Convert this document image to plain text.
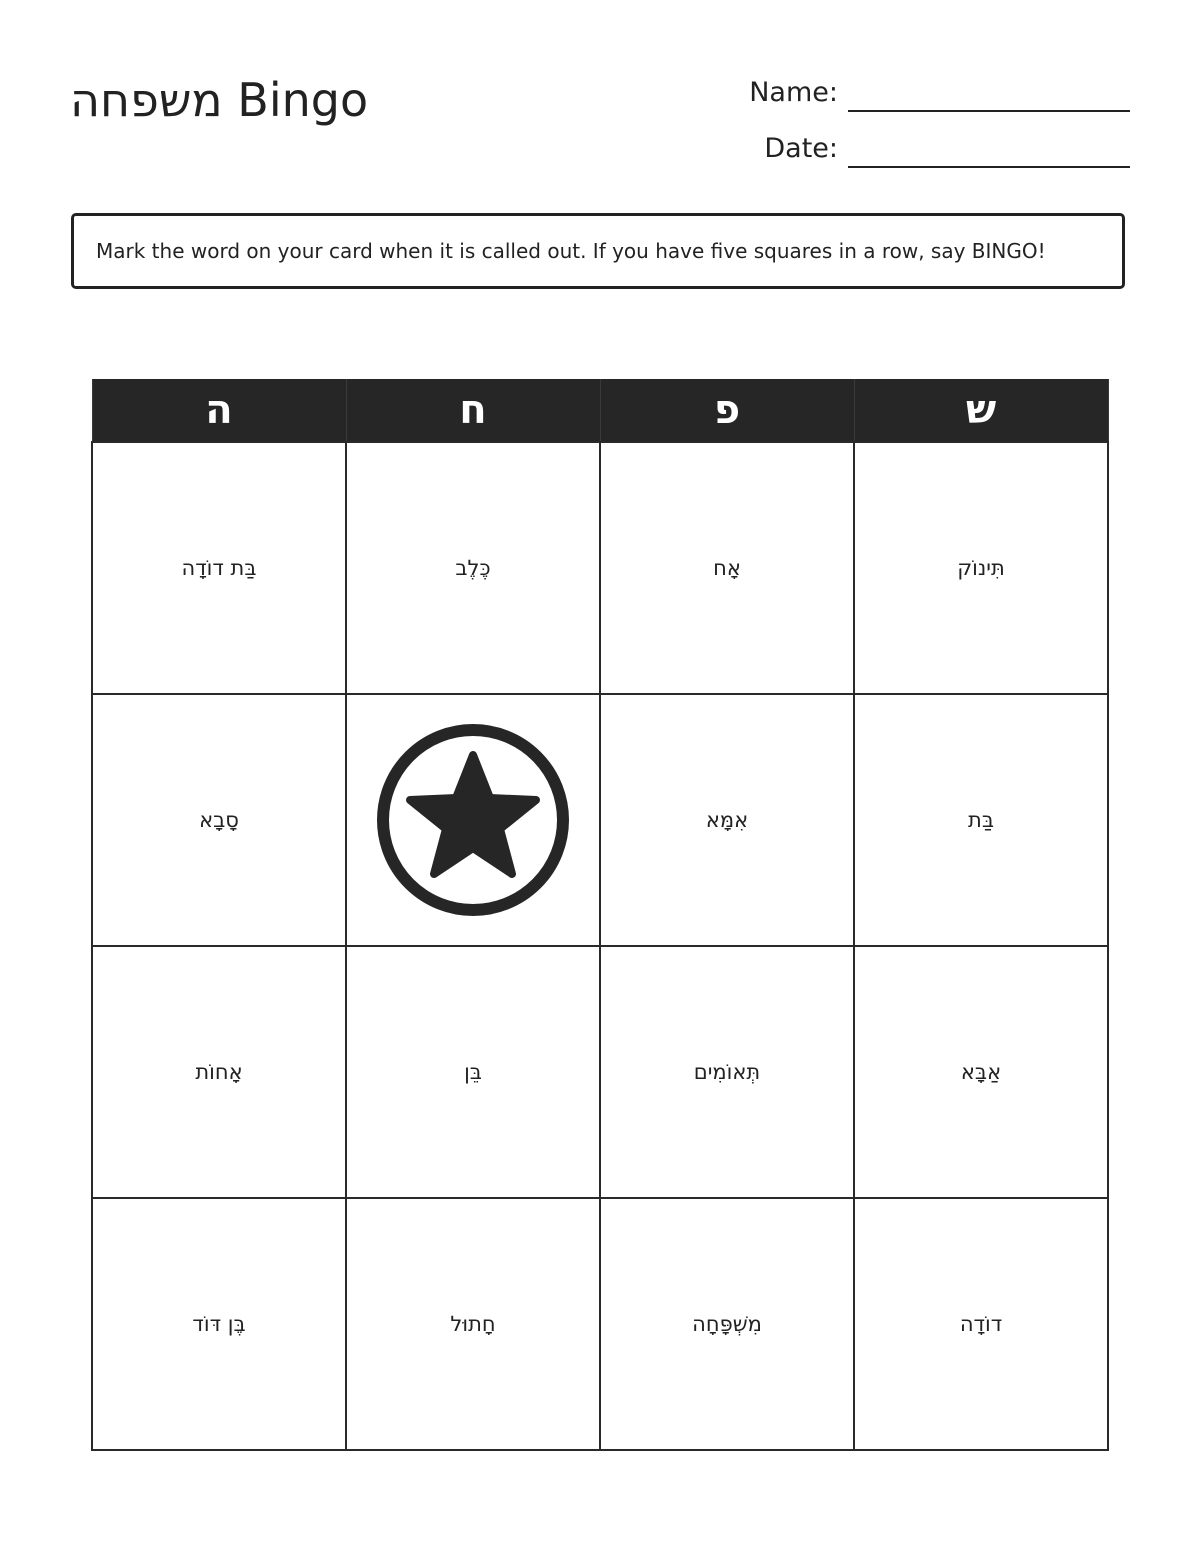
משפחה Bingo	Name:
Date:
Mark the word on your card when it is called out. If you have five squares in a row, say BINGO!
ה	ח	פ	ש
בַּת דוֹדָה	כֶּלֶב	אָח	תִּינוֹק
סָבָא		אִמָּא	בַּת
אָחוֹת	בֵּן	תְּאוֹמִים	אַבָּא
בֶּן דּוֹד	חָתוּל	מִשְׁפָּחָה	דוֹדָה
